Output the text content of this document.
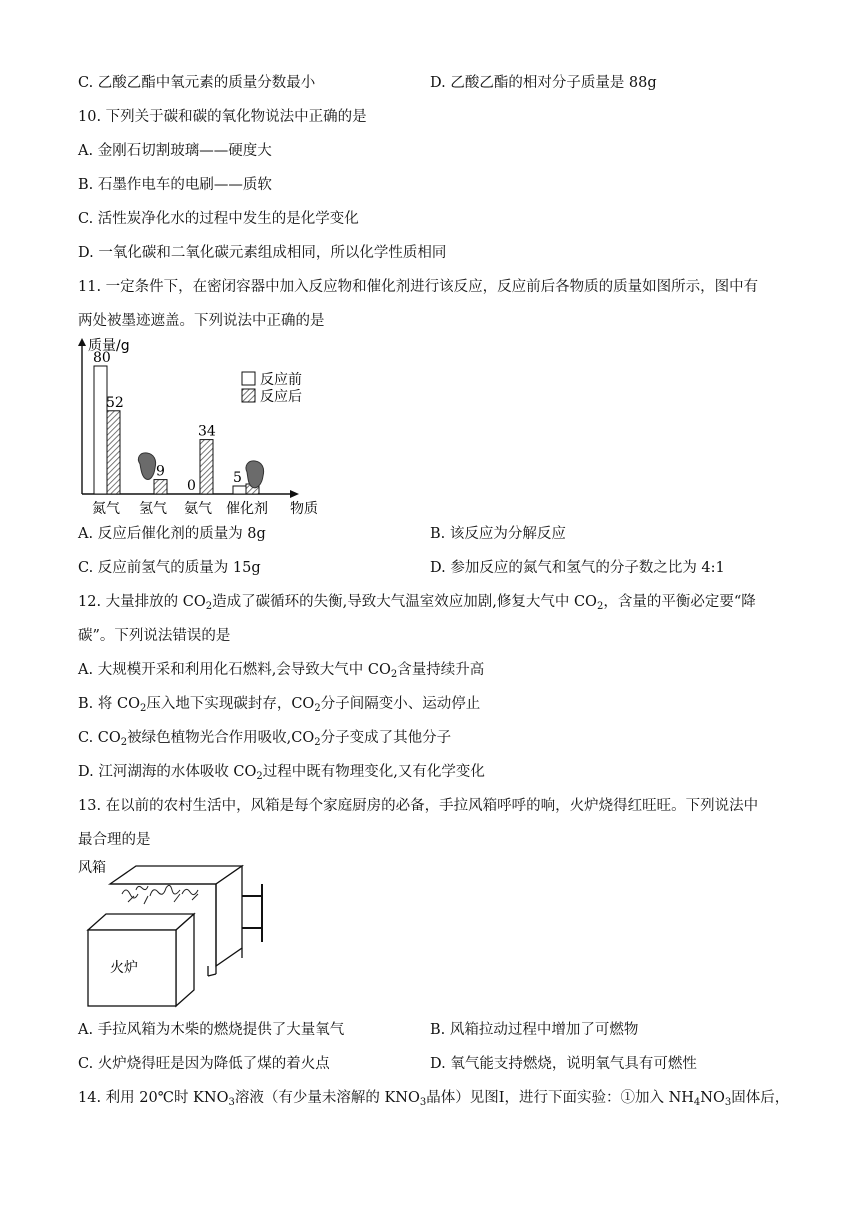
C. 乙酸乙酯中氧元素的质量分数最小	D. 乙酸乙酯的相对分子质量是 88g
10. 下列关于碳和碳的氧化物说法中正确的是
A. 金刚石切割玻璃——硬度大
B. 石墨作电车的电刷——质软
C. 活性炭净化水的过程中发生的是化学变化
D. 一氧化碳和二氧化碳元素组成相同，所以化学性质相同
11. 一定条件下，在密闭容器中加入反应物和催化剂进行该反应，反应前后各物质的质量如图所示，图中有
两处被墨迹遮盖。下列说法中正确的是
质量/g
物质
80
52
9
0
34
5
氮气 氢气 氨气 催化剂
反应前
反应后
A. 反应后催化剂的质量为 8g	B. 该反应为分解反应
C. 反应前氢气的质量为 15g	D. 参加反应的氮气和氢气的分子数之比为 4:1
12. 大量排放的 $CO_2$造成了碳循环的失衡,导致大气温室效应加剧,修复大气中 $CO_2$，含量的平衡必定要“降
碳”。下列说法错误的是
A. 大规模开采和利用化石燃料,会导致大气中 $CO_2$含量持续升高
B. 将 $CO_2$压入地下实现碳封存，$CO_2$分子间隔变小、运动停止
C. $CO_2$被绿色植物光合作用吸收$,CO_2$分子变成了其他分子
D. 江河湖海的水体吸收 $CO_2$过程中既有物理变化,又有化学变化
13. 在以前的农村生活中，风箱是每个家庭厨房的必备，手拉风箱呼呼的响，火炉烧得红旺旺。下列说法中
最合理的是
风箱
火炉
A. 手拉风箱为木柴的燃烧提供了大量氧气	B. 风箱拉动过程中增加了可燃物
C. 火炉烧得旺是因为降低了煤的着火点	D. 氧气能支持燃烧，说明氧气具有可燃性
14. 利用 20℃时 $KNO_3$溶液（有少量未溶解的 $KNO_3$晶体）见图Ⅰ，进行下面实验：①加入 $NH_4NO_3$固体后，
